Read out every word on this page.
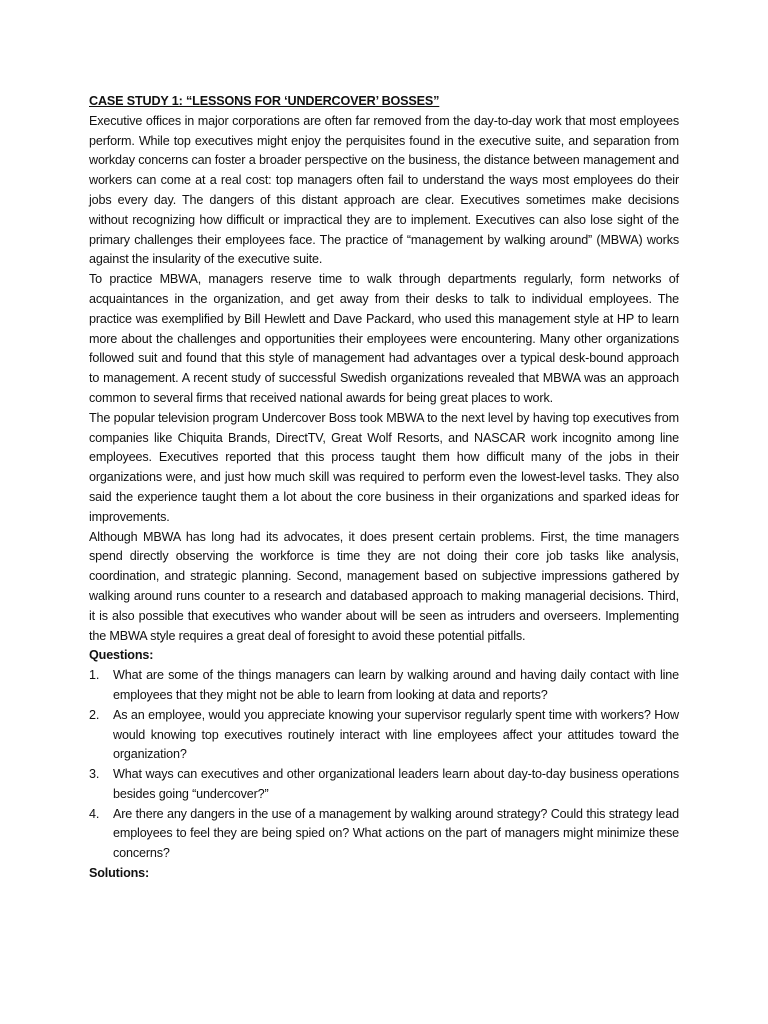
CASE STUDY 1: “LESSONS FOR ‘UNDERCOVER’ BOSSES”

Executive offices in major corporations are often far removed from the day-to-day work that most employees perform. While top executives might enjoy the perquisites found in the executive suite, and separation from workday concerns can foster a broader perspective on the business, the distance between management and workers can come at a real cost: top managers often fail to understand the ways most employees do their jobs every day. The dangers of this distant approach are clear. Executives sometimes make decisions without recognizing how difficult or impractical they are to implement. Executives can also lose sight of the primary challenges their employees face. The practice of “management by walking around” (MBWA) works against the insularity of the executive suite.

To practice MBWA, managers reserve time to walk through departments regularly, form networks of acquaintances in the organization, and get away from their desks to talk to individual employees. The practice was exemplified by Bill Hewlett and Dave Packard, who used this management style at HP to learn more about the challenges and opportunities their employees were encountering. Many other organizations followed suit and found that this style of management had advantages over a typical desk-bound approach to management. A recent study of successful Swedish organizations revealed that MBWA was an approach common to several firms that received national awards for being great places to work.

The popular television program Undercover Boss took MBWA to the next level by having top executives from companies like Chiquita Brands, DirectTV, Great Wolf Resorts, and NASCAR work incognito among line employees. Executives reported that this process taught them how difficult many of the jobs in their organizations were, and just how much skill was required to perform even the lowest-level tasks. They also said the experience taught them a lot about the core business in their organizations and sparked ideas for improvements.

Although MBWA has long had its advocates, it does present certain problems. First, the time managers spend directly observing the workforce is time they are not doing their core job tasks like analysis, coordination, and strategic planning. Second, management based on subjective impressions gathered by walking around runs counter to a research and databased approach to making managerial decisions. Third, it is also possible that executives who wander about will be seen as intruders and overseers. Implementing the MBWA style requires a great deal of foresight to avoid these potential pitfalls.

Questions:

1. What are some of the things managers can learn by walking around and having daily contact with line employees that they might not be able to learn from looking at data and reports?
2. As an employee, would you appreciate knowing your supervisor regularly spent time with workers? How would knowing top executives routinely interact with line employees affect your attitudes toward the organization?
3. What ways can executives and other organizational leaders learn about day-to-day business operations besides going “undercover?”
4. Are there any dangers in the use of a management by walking around strategy? Could this strategy lead employees to feel they are being spied on? What actions on the part of managers might minimize these concerns?

Solutions:
